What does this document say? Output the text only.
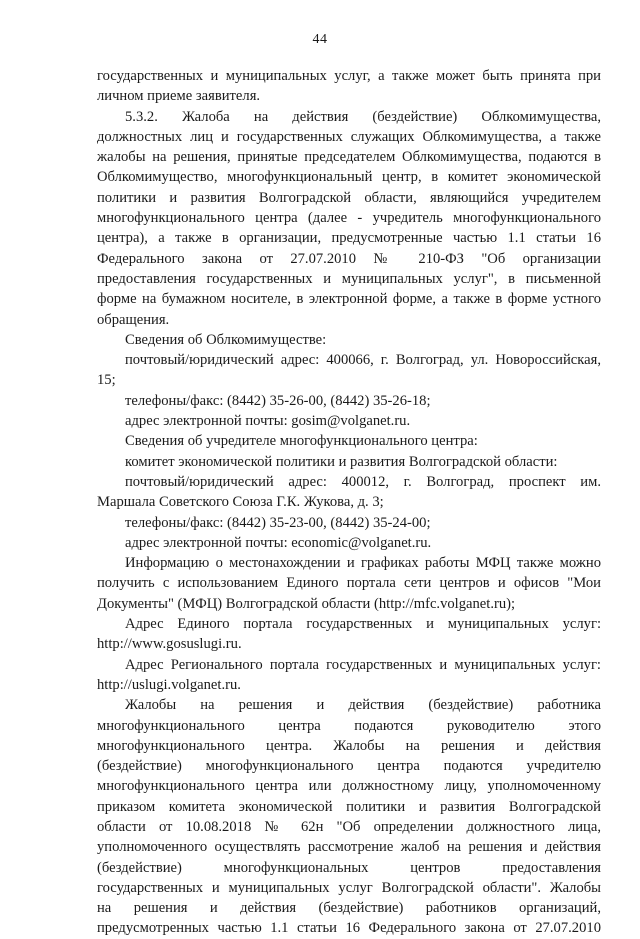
44

государственных и муниципальных услуг, а также может быть принята при

личном приеме заявителя.

5.3.2. Жалоба на действия (бездействие) Облкомимущества,

должностных лиц и государственных служащих Облкомимущества, а также

жалобы на решения, принятые председателем Облкомимущества, подаются в

Облкомимущество, многофункциональный центр, в комитет экономической

политики и развития Волгоградской области, являющийся учредителем

многофункционального центра (далее - учредитель многофункционального

центра), а также в организации, предусмотренные частью 1.1 статьи 16

Федерального закона от 27.07.2010 № 210-ФЗ "Об организации

предоставления государственных и муниципальных услуг", в письменной

форме на бумажном носителе, в электронной форме, а также в форме устного

обращения.

Сведения об Облкомимуществе:

почтовый/юридический адрес: 400066, г. Волгоград, ул. Новороссийская,

15;

телефоны/факс: (8442) 35-26-00, (8442) 35-26-18;

адрес электронной почты: gosim@volganet.ru.

Сведения об учредителе многофункционального центра:

комитет экономической политики и развития Волгоградской области:

почтовый/юридический адрес: 400012, г. Волгоград, проспект им.

Маршала Советского Союза Г.К. Жукова, д. 3;

телефоны/факс: (8442) 35-23-00, (8442) 35-24-00;

адрес электронной почты: economic@volganet.ru.

Информацию о местонахождении и графиках работы МФЦ также можно

получить с использованием Единого портала сети центров и офисов "Мои

Документы" (МФЦ) Волгоградской области (http://mfc.volganet.ru);

Адрес Единого портала государственных и муниципальных услуг:

http://www.gosuslugi.ru.

Адрес Регионального портала государственных и муниципальных услуг:

http://uslugi.volganet.ru.

Жалобы на решения и действия (бездействие) работника

многофункционального центра подаются руководителю этого

многофункционального центра. Жалобы на решения и действия

(бездействие) многофункционального центра подаются учредителю

многофункционального центра или должностному лицу, уполномоченному

приказом комитета экономической политики и развития Волгоградской

области от 10.08.2018 № 62н "Об определении должностного лица,

уполномоченного осуществлять рассмотрение жалоб на решения и действия

(бездействие) многофункциональных центров предоставления

государственных и муниципальных услуг Волгоградской области". Жалобы

на решения и действия (бездействие) работников организаций,

предусмотренных частью 1.1 статьи 16 Федерального закона от 27.07.2010
